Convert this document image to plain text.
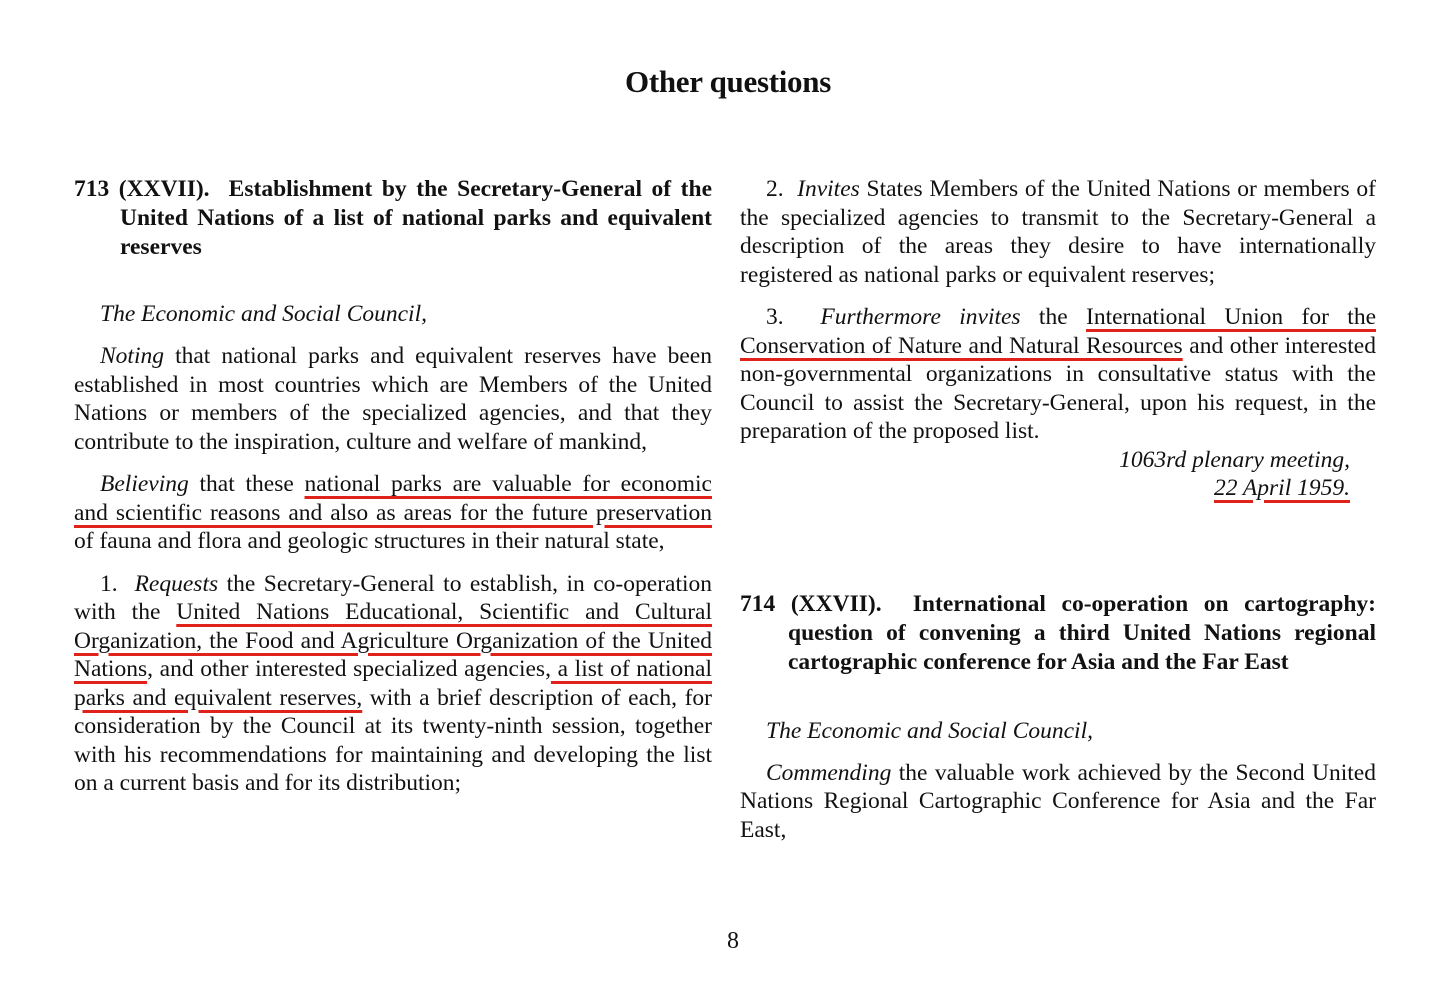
Other questions

713 (XXVII). Establishment by the Secretary-General of the United Nations of a list of national parks and equivalent reserves

The Economic and Social Council,

Noting that national parks and equivalent reserves have been established in most countries which are Members of the United Nations or members of the specialized agencies, and that they contribute to the inspiration, culture and welfare of mankind,

Believing that these national parks are valuable for economic and scientific reasons and also as areas for the future preservation of fauna and flora and geologic structures in their natural state,

1. Requests the Secretary-General to establish, in co-operation with the United Nations Educational, Scientific and Cultural Organization, the Food and Agriculture Organization of the United Nations, and other interested specialized agencies, a list of national parks and equivalent reserves, with a brief description of each, for consideration by the Council at its twenty-ninth session, together with his recommendations for maintaining and developing the list on a current basis and for its distribution;

2. Invites States Members of the United Nations or members of the specialized agencies to transmit to the Secretary-General a description of the areas they desire to have internationally registered as national parks or equivalent reserves;

3. Furthermore invites the International Union for the Conservation of Nature and Natural Resources and other interested non-governmental organizations in consultative status with the Council to assist the Secretary-General, upon his request, in the preparation of the proposed list.

1063rd plenary meeting,
22 April 1959.

714 (XXVII). International co-operation on cartography: question of convening a third United Nations regional cartographic conference for Asia and the Far East

The Economic and Social Council,

Commending the valuable work achieved by the Second United Nations Regional Cartographic Conference for Asia and the Far East,

8
